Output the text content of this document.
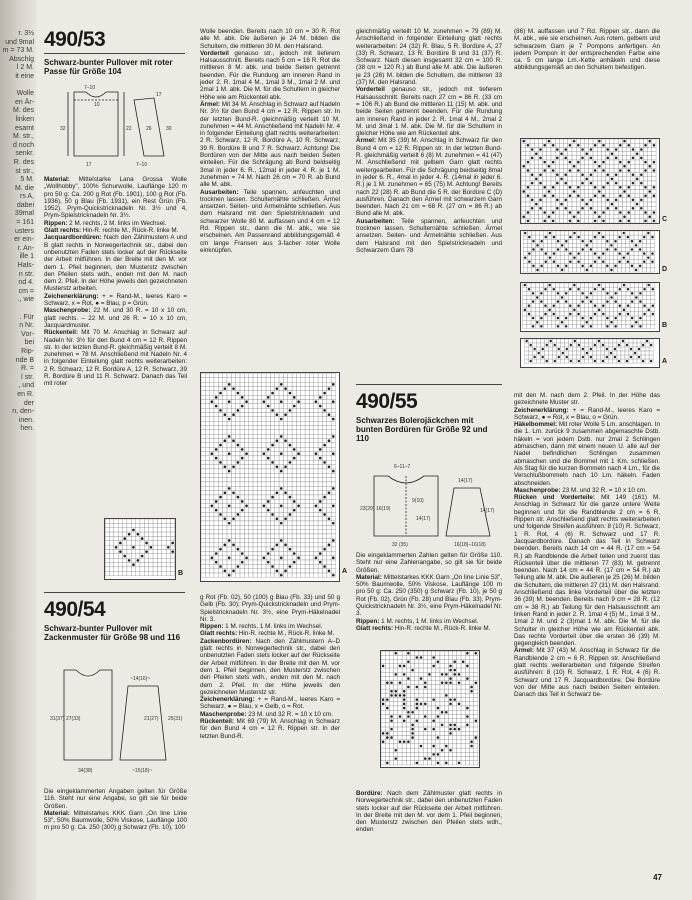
r. 3½
und 9mal
m = 73 M.
Abschlg
l 2 M.
it eine

Wolle
en Är-
M. des
linken
esamt
M. str.,
d noch
senkr.
R. des
st str.,
5 M.
M. die
rs A,
dabei
39mal
= 161
usters
er ein-
r. An-
ille 1
Hals-
n str.
nd 4.
cm =
., wie

. Für
n Nr.
Vor-
bei
Rip-
nde B
R. =
l str.
, und
en R.
der
n, den-
inen.
hen.

490/53
Schwarz-bunter Pullover mit roter Passe für Größe 104
7–10
10
17
32	22
17	7–10
30
26

Material: Mittelstarke Lana Grossa Wolle „Wollhobby", 100% Schurwolle, Lauflänge 120 m pro 50 g: Ca. 200 g Rot (Fb. 1901), 100 g Rot (Fb. 1936), 50 g Blau (Fb. 1931), ein Rest Grün (Fb. 1952). Prym-Quickstricknadeln Nr. 3½ und 4, Prym-Spielstricknadeln Nr. 3½.

Rippen: 2 M. rechts, 2 M. links im Wechsel.

Glatt rechts: Hin-R. rechte M., Rück-R. linke M.

Jacquardbordüren: Nach den Zählmustern A und B glatt rechts in Norwegertechnik str., dabei den unbenutzten Faden stets locker auf der Rückseite der Arbeit mitführen. In der Breite mit den M. vor dem 1. Pfeil beginnen, den Musterstz zwischen den Pfeilen stets wdh., enden mit den M. nach dem 2. Pfeil. In der Höhe jeweils den gezeichneten Musterstz arbeiten.

Zeichenerklärung: + = Rand-M., leeres Karo = Schwarz, x = Rot, ● = Blau, p = Grün.

Maschenprobe: 22 M. und 30 R. = 10 x 10 cm, glatt rechts. – 22 M. und 26 R. = 10 x 10 cm, Jacquardmuster.

Rückenteil: Mit 70 M. Anschlag in Schwarz auf Nadeln Nr. 3½ für den Bund 4 cm = 12 R. Rippen str. In der letzten Bund-R. gleichmäßig verteilt 8 M. zunehmen = 78 M. Anschließend mit Nadeln Nr. 4 in folgender Einteilung glatt rechts weiterarbeiten: 2 R. Schwarz, 12 R. Bordüre A, 12 R. Schwarz, 39 R. Bordüre B und 11 R. Schwarz. Danach das Teil mit roter

B
490/54
Schwarz-bunter Pullover mit Zackenmuster für Größe 98 und 116
~14(16)~
31(37) 27(33)	25(31)
21(27)
34(38)	~15(18)~

Die eingeklammerten Angaben gelten für Größe 116. Steht nur eine Angabe, so gilt sie für beide Größen.

Material: Mittelstarkes KKK Garn „On line Linie 53", 50% Baumwolle, 50% Viskose, Lauflänge 100 m pro 50 g: Ca. 250 (300) g Schwarz (Fb. 10), 100

Wolle beenden. Bereits nach 10 cm = 30 R. Rot alle M. abk. Die äußeren je 24 M. bilden die Schultern, die mittleren 30 M. den Halsrand.

Vorderteil genauso str., jedoch mit tieferem Halsausschnitt. Bereits nach 5 cm = 16 R. Rot die mittleren 8 M. abk. und beide Seiten getrennt beenden. Für die Rundung am inneren Rand in jeder 2. R. 1mal 4 M., 1mal 3 M., 1mal 2 M. und 2mal 1 M. abk. Die M. für die Schultern in gleicher Höhe wie am Rückenteil abk.

Ärmel: Mit 34 M. Anschlag in Schwarz auf Nadeln Nr. 3½ für den Bund 4 cm = 12 R. Rippen str. In der letzten Bund-R. gleichmäßig verteilt 10 M. zunehmen = 44 M. Anschließend mit Nadeln Nr. 4 in folgender Einteilung glatt rechts weiterarbeiten: 2 R. Schwarz, 12 R. Bordüre A, 10 R. Schwarz, 39 R. Bordüre B und 7 R. Schwarz. Achtung! Die Bordüren von der Mitte aus nach beiden Seiten einteilen. Für die Schrägung ab Bund beidseitig 3mal in jeder 6. R., 12mal in jeder 4. R. je 1 M. zunehmen = 74 M. Nach 26 cm = 70 R. ab Bund alle M. abk.

Ausarbeiten: Teile spannen, anfeuchten und trocknen lassen. Schulternähte schließen. Ärmel ansetzen. Seiten- und Ärmelnähte schließen. Aus dem Halsrand mit den Spielstricknadeln und schwarzer Wolle 80 M. auffassen und 4 cm = 12 Rd. Rippen str., dann die M. abk., wie sie erscheinen. Am Passenrand abbildungsgemäß 4 cm lange Fransen aus 3-facher roter Wolle einknüpfen.

A

g Rot (Fb. 02), 50 (100) g Blau (Fb. 33) und 50 g Gelb (Fb. 30); Prym-Quickstricknadeln und Prym-Spielstricknadeln Nr. 3½, eine Prym-Häkelnadel Nr. 3.

Rippen: 1 M. rechts, 1 M. links im Wechsel.

Glatt rechts: Hin-R. rechte M., Rück-R. linke M.

Zackenbordüren: Nach den Zählmustern A–D glatt rechts in Norwegertechnik str., dabei den unbenutzten Faden stets locker auf der Rückseite der Arbeit mitführen. In der Breite mit den M. vor dem 1. Pfeil beginnen, den Musterstz zwischen den Pfeilen stets wdh., enden mit den M. nach dem 2. Pfeil. In der Höhe jeweils den gezeichneten Musterstz str.

Zeichenerklärung: + = Rand-M., leeres Karo = Schwarz, ● = Blau, x = Gelb, o = Rot.

Maschenprobe: 23 M. und 32 R. = 10 x 10 cm.

Rückenteil: Mit 69 (79) M. Anschlag in Schwarz für den Bund 4 cm = 12 R. Rippen str. In der letzten Bund-R.

gleichmäßig verteilt 10 M. zunehmen = 79 (89) M. Anschließend in folgender Einteilung glatt rechts weiterarbeiten: 24 (32) R. Blau, 5 R. Bordüre A, 27 (33) R. Schwarz, 13 R. Bordüre B und 31 (37) R. Schwarz. Nach diesen insgesamt 32 cm = 100 R. (38 cm = 120 R.) ab Bund alle M. abk. Die äußeren je 23 (26) M. bilden die Schultern, die mittleren 33 (37) M. den Halsrand.

Vorderteil genauso str., jedoch mit tieferem Halsausschnitt. Bereits nach 27 cm = 86 R. (33 cm = 106 R.) ab Bund die mittleren 11 (15) M. abk. und beide Seiten getrennt beenden. Für die Rundung am inneren Rand in jeder 2. R. 1mal 4 M., 2mal 2 M. und 3mal 1 M. abk. Die M. für die Schultern in gleicher Höhe wie am Rückenteil abk.

Ärmel: Mit 35 (39) M. Anschlag in Schwarz für den Bund 4 cm = 12 R. Rippen str. In der letzten Bund-R. gleichmäßig verteilt 6 (8) M. zunehmen = 41 (47) M. Anschließend mit gelbem Garn glatt rechts weitergearbeiten. Für die Schrägung beidseitig 8mal in jeder 6. R., 4mal in jeder 4. R. (14mal in jeder 6. R.) je 1 M. zunehmen = 65 (75) M. Achtung! Bereits nach 22 (28) R. ab Bund die 5 R. der Bordüre C (D) ausführen. Danach den Ärmel mit schwarzem Garn beenden. Nach 21 cm = 68 R. (27 cm = 86 R.) ab Bund alle M. abk.

Ausarbeiten: Teile spannen, anfeuchten und trocknen lassen. Schulternähte schließen. Ärmel ansetzen. Seiten- und Ärmelnähte schließen. Aus dem Halsrand mit den Spielstricknadeln und Schwarzem Garn 78

490/55
Schwarzes Bolerojäckchen mit bunten Bordüren für Größe 92 und 110
6–11–7
9(10)
14(17)
32 (35)
23(29) 16(19)
14(17)
14(17)
16(18)–16(18)

Die eingeklammerten Zahlen gelten für Größe 110. Steht nur eine Zahlenangabe, so gilt sie für beide Größen.

Material: Mittelstarkes KKK Garn „On line Linie 53", 50% Baumwolle, 50% Viskose, Lauflänge 100 m pro 50 g: Ca. 250 (350) g Schwarz (Fb. 10), je 50 g Rot (Fb. 02), Grün (Fb. 28) und Blau (Fb. 33). Prym-Quickstricknadeln Nr. 3½, eine Prym-Häkelnadel Nr. 3.

Rippen: 1 M. rechts, 1 M. links im Wechsel.

Glatt rechts: Hin-R. rechte M., Rück-R. linke M.

Bordüre: Nach dem Zählmuster glatt rechts in Norwegertechnik str., dabei den unbenutzten Faden stets locker auf der Rückseite der Arbeit mitführen. In der Breite mit den M. vor dem 1. Pfeil beginnen, den Musterstz zwischen den Pfeilen stets wdh., enden

(86) M. auffassen und 7 Rd. Rippen str., dann die M. abk., wie sie erscheinen. Aus rotem, gelbem und schwarzem Garn je 7 Pompons anfertigen. An jedem Pompon in der entsprechenden Farbe eine ca. 5 cm lange Lm.-Kette anhäkeln und diese abbildungsgemäß an den Schultern befestigen.

C
D
B
A

mit den M. nach dem 2. Pfeil. In der Höhe das gezeichnete Muster str.

Zeichenerklärung: + = Rand-M., leeres Karo = Schwarz, ● = Rot, x = Blau, o = Grün.

Häkelbommel: Mit roter Wolle 5 Lm. anschlagen. In die 1. Lm. zurück 9 zusammen abgemaschte Dstb. häkeln = von jedem Dstb. nur 2mal 2 Schlingen abmaschen, dann mit einem neuen U. alle auf der Nadel befindlichen Schlingen zusammen abmaschen und die Bommel mit 1 Km. schließen. Als Stag für die kurzen Bommeln nach 4 Lm., für die Verschlußbommeln nach 10 Lm. häkeln. Faden abschneiden.

Maschenprobe: 23 M. und 32 R. = 10 x 10 cm.

Rücken und Vorderteile: Mit 149 (161) M. Anschlag in Schwarz für die ganze untere Weite beginnen und für die Randblende 2 cm = 6 R. Rippen str. Anschließend glatt rechts weiterarbeiten und folgende Streifen ausführen: 8 (10) R. Schwarz, 1 R. Rot, 4 (6) R. Schwarz und 17 R. Jacquardbordüre. Danach das Teil in Schwarz beenden. Bereits nach 14 cm = 44 R. (17 cm = 54 R.) ab Randblende die Arbeit teilen und zuerst das Rückenteil über die mittleren 77 (83) M. getrennt beenden. Nach 14 cm = 44 R. (17 cm = 54 R.) ab Teilung alle M. abk. Die äußeren je 25 (26) M. bilden die Schultern, die mittleren 27 (31) M. den Halsrand. Anschließend das linke Vorderteil über die letzten 36 (39) M. beenden. Bereits nach 9 cm = 28 R. (12 cm = 38 R.) ab Teilung für den Halsausschnitt am linken Rand in jeder 2. R. 1mal 4 (5) M., 1mal 3 M., 1mal 2 M. und 2 (3)mal 1 M. abk. Die M. für die Schulter in gleicher Höhe wie am Rückenteil abk. Das rechte Vorderteil über die ersten 36 (39) M. gegengleich beenden.

Ärmel: Mit 37 (43) M. Anschlag in Schwarz für die Randblende 2 cm = 6 R. Rippen str. Anschließend glatt rechts weiterarbeiten und folgende Streifen ausführen: 8 (10) R. Schwarz, 1 R. Rot, 4 (6) R. Schwarz und 17 R. Jacquardbordüre. Die Bordüre von der Mitte aus nach beiden Seiten einteilen. Danach das Teil in Schwarz be-

47
